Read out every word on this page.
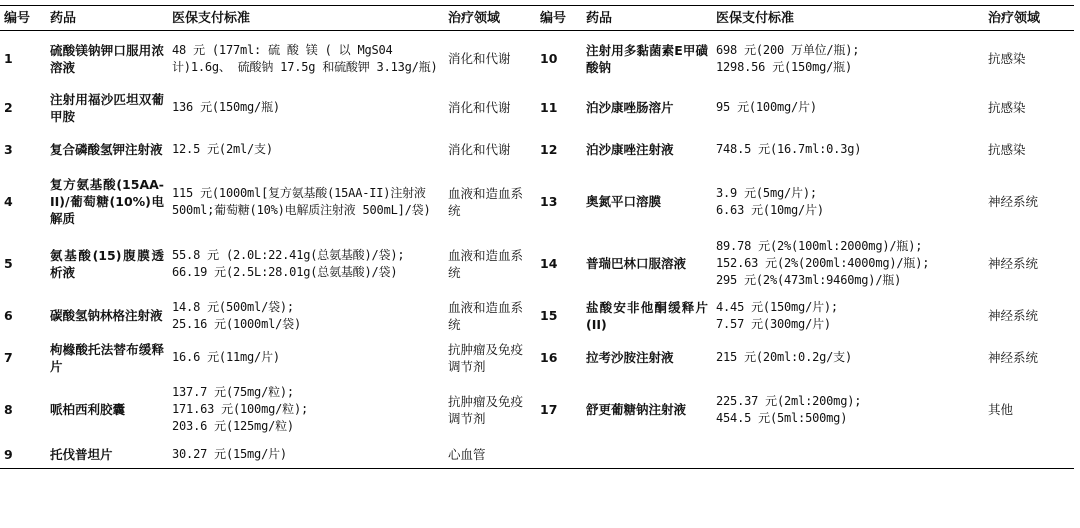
编号	药品	医保支付标准	治疗领域	编号	药品	医保支付标准	治疗领域
1	硫酸镁钠钾口服用浓溶液	48 元 (177ml: 硫 酸 镁 ( 以 MgS04 计)1.6g、 硫酸钠 17.5g 和硫酸钾 3.13g/瓶)	消化和代谢	10	注射用多黏菌素E甲磺酸钠	698 元(200 万单位/瓶);
1298.56 元(150mg/瓶)	抗感染
2	注射用福沙匹坦双葡甲胺	136 元(150mg/瓶)	消化和代谢	11	泊沙康唑肠溶片	95 元(100mg/片)	抗感染
3	复合磷酸氢钾注射液	12.5 元(2ml/支)	消化和代谢	12	泊沙康唑注射液	748.5 元(16.7ml:0.3g)	抗感染
4	复方氨基酸(15AA-II)/葡萄糖(10%)电解质	115 元(1000ml[复方氨基酸(15AA-II)注射液 500ml;葡萄糖(10%)电解质注射液 500mL]/袋)	血液和造血系统	13	奥氮平口溶膜	3.9 元(5mg/片);
6.63 元(10mg/片)	神经系统
5	氨基酸(15)腹膜透析液	55.8 元 (2.0L:22.41g(总氨基酸)/袋); 66.19 元(2.5L:28.01g(总氨基酸)/袋)	血液和造血系统	14	普瑞巴林口服溶液	89.78 元(2%(100ml:2000mg)/瓶);
152.63 元(2%(200ml:4000mg)/瓶);
295 元(2%(473ml:9460mg)/瓶)	神经系统
6	碳酸氢钠林格注射液	14.8 元(500ml/袋);
25.16 元(1000ml/袋)	血液和造血系统	15	盐酸安非他酮缓释片(II)	4.45 元(150mg/片);
7.57 元(300mg/片)	神经系统
7	枸橼酸托法替布缓释片	16.6 元(11mg/片)	抗肿瘤及免疫调节剂	16	拉考沙胺注射液	215 元(20ml:0.2g/支)	神经系统
8	哌柏西利胶囊	137.7 元(75mg/粒);
171.63 元(100mg/粒);
203.6 元(125mg/粒)	抗肿瘤及免疫调节剂	17	舒更葡糖钠注射液	225.37 元(2ml:200mg);
454.5 元(5ml:500mg)	其他
9	托伐普坦片	30.27 元(15mg/片)	心血管			
